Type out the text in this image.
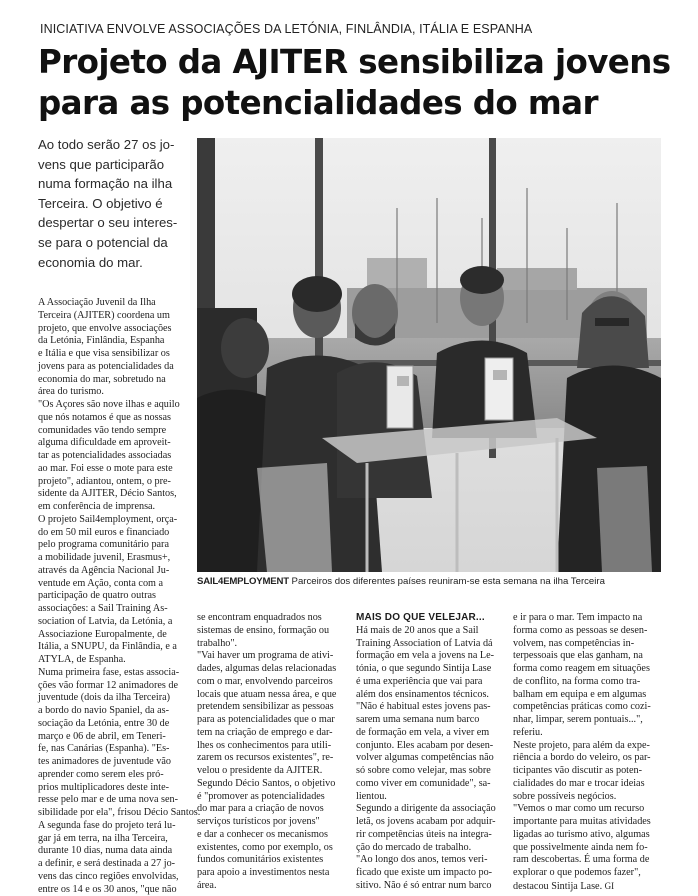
INICIATIVA ENVOLVE ASSOCIAÇÕES DA LETÓNIA, FINLÂNDIA, ITÁLIA E ESPANHA
Projeto da AJITER sensibiliza jovens
para as potencialidades do mar
Ao todo serão 27 os jo-
vens que participarão
numa formação na ilha
Terceira. O objetivo é
despertar o seu interes-
se para o potencial da
economia do mar.
SAIL4EMPLOYMENT Parceiros dos diferentes países reuniram-se esta semana na ilha Terceira
A Associação Juvenil da Ilha
Terceira (AJITER) coordena um
projeto, que envolve associações
da Letónia, Finlândia, Espanha
e Itália e que visa sensibilizar os
jovens para as potencialidades da
economia do mar, sobretudo na
área do turismo.
"Os Açores são nove ilhas e aquilo
que nós notamos é que as nossas
comunidades vão tendo sempre
alguma dificuldade em aproveit-
tar as potencialidades associadas
ao mar. Foi esse o mote para este
projeto", adiantou, ontem, o pre-
sidente da AJITER, Décio Santos,
em conferência de imprensa.
O projeto Sail4employment, orça-
do em 50 mil euros e financiado
pelo programa comunitário para
a mobilidade juvenil, Erasmus+,
através da Agência Nacional Ju-
ventude em Ação, conta com a
participação de quatro outras
associações: a Sail Training As-
sociation of Latvia, da Letónia, a
Associazione Europalmente, de
Itália, a SNUPU, da Finlândia, e a
ATYLA, de Espanha.
Numa primeira fase, estas associa-
ções vão formar 12 animadores de
juventude (dois da ilha Terceira)
a bordo do navio Spaniel, da as-
sociação da Letónia, entre 30 de
março e 06 de abril, em Teneri-
fe, nas Canárias (Espanha). "Es-
tes animadores de juventude vão
aprender como serem eles pró-
prios multiplicadores deste inte-
resse pelo mar e de uma nova sen-
sibilidade por ela", frisou Décio Santos.
A segunda fase do projeto terá lu-
gar já em terra, na ilha Terceira,
durante 10 dias, numa data ainda
a definir, e será destinada a 27 jo-
vens das cinco regiões envolvidas,
entre os 14 e os 30 anos, "que não
se encontram enquadrados nos
sistemas de ensino, formação ou
trabalho".
"Vai haver um programa de ativi-
dades, algumas delas relacionadas
com o mar, envolvendo parceiros
locais que atuam nessa área, e que
pretendem sensibilizar as pessoas
para as potencialidades que o mar
tem na criação de emprego e dar-
lhes os conhecimentos para utili-
zarem os recursos existentes", re-
velou o presidente da AJITER.
Segundo Décio Santos, o objetivo
é "promover as potencialidades
do mar para a criação de novos
serviços turísticos por jovens"
e dar a conhecer os mecanismos
existentes, como por exemplo, os
fundos comunitários existentes
para apoio a investimentos nesta
área.
MAIS DO QUE VELEJAR...
Há mais de 20 anos que a Sail
Training Association of Latvia dá
formação em vela a jovens na Le-
tónia, o que segundo Sintija Lase
é uma experiência que vai para
além dos ensinamentos técnicos.
"Não é habitual estes jovens pas-
sarem uma semana num barco
de formação em vela, a viver em
conjunto. Eles acabam por desen-
volver algumas competências não
só sobre como velejar, mas sobre
como viver em comunidade", sa-
lientou.
Segundo a dirigente da associação
letã, os jovens acabam por adquir-
rir competências úteis na integra-
ção do mercado de trabalho.
"Ao longo dos anos, temos veri-
ficado que existe um impacto po-
sitivo. Não é só entrar num barco
e ir para o mar. Tem impacto na
forma como as pessoas se desen-
volvem, nas competências in-
terpessoais que elas ganham, na
forma como reagem em situações
de conflito, na forma como tra-
balham em equipa e em algumas
competências práticas como cozi-
nhar, limpar, serem pontuais...",
referiu.
Neste projeto, para além da expe-
riência a bordo do veleiro, os par-
ticipantes vão discutir as poten-
cialidades do mar e trocar ideias
sobre possíveis negócios.
"Vemos o mar como um recurso
importante para muitas atividades
ligadas ao turismo ativo, algumas
que possivelmente ainda nem fo-
ram descobertas. É uma forma de
explorar o que podemos fazer",
destacou Sintija Lase. GI
